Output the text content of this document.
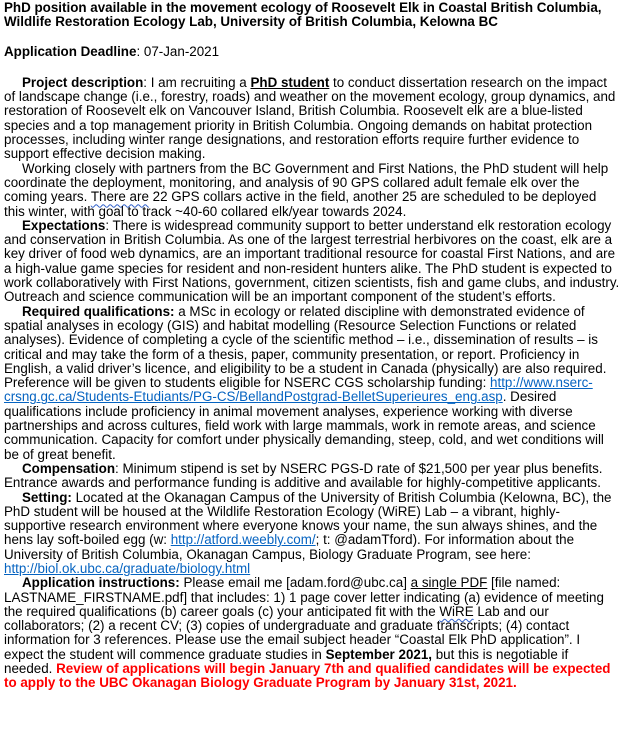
PhD position available in the movement ecology of Roosevelt Elk in Coastal British Columbia,
Wildlife Restoration Ecology Lab, University of British Columbia, Kelowna BC
Application Deadline: 07-Jan-2021

Project description: I am recruiting a PhD student to conduct dissertation research on the impact of landscape change (i.e., forestry, roads) and weather on the movement ecology, group dynamics, and restoration of Roosevelt elk on Vancouver Island, British Columbia. Roosevelt elk are a blue-listed species and a top management priority in British Columbia. Ongoing demands on habitat protection processes, including winter range designations, and restoration efforts require further evidence to support effective decision making.

Working closely with partners from the BC Government and First Nations, the PhD student will help coordinate the deployment, monitoring, and analysis of 90 GPS collared adult female elk over the coming years. There are 22 GPS collars active in the field, another 25 are scheduled to be deployed this winter, with goal to track ~40-60 collared elk/year towards 2024.

Expectations: There is widespread community support to better understand elk restoration ecology and conservation in British Columbia. As one of the largest terrestrial herbivores on the coast, elk are a key driver of food web dynamics, are an important traditional resource for coastal First Nations, and are a high-value game species for resident and non-resident hunters alike. The PhD student is expected to work collaboratively with First Nations, government, citizen scientists, fish and game clubs, and industry. Outreach and science communication will be an important component of the student’s efforts.

Required qualifications: a MSc in ecology or related discipline with demonstrated evidence of spatial analyses in ecology (GIS) and habitat modelling (Resource Selection Functions or related analyses). Evidence of completing a cycle of the scientific method – i.e., dissemination of results – is critical and may take the form of a thesis, paper, community presentation, or report. Proficiency in English, a valid driver’s licence, and eligibility to be a student in Canada (physically) are also required. Preference will be given to students eligible for NSERC CGS scholarship funding: http://www.nserc-crsng.gc.ca/Students-Etudiants/PG-CS/BellandPostgrad-BelletSuperieures_eng.asp. Desired qualifications include proficiency in animal movement analyses, experience working with diverse partnerships and across cultures, field work with large mammals, work in remote areas, and science communication. Capacity for comfort under physically demanding, steep, cold, and wet conditions will be of great benefit.

Compensation: Minimum stipend is set by NSERC PGS-D rate of $21,500 per year plus benefits. Entrance awards and performance funding is additive and available for highly-competitive applicants.

Setting: Located at the Okanagan Campus of the University of British Columbia (Kelowna, BC), the PhD student will be housed at the Wildlife Restoration Ecology (WiRE) Lab – a vibrant, highly-supportive research environment where everyone knows your name, the sun always shines, and the hens lay soft-boiled egg (w: http://atford.weebly.com/; t: @adamTford). For information about the University of British Columbia, Okanagan Campus, Biology Graduate Program, see here: http://biol.ok.ubc.ca/graduate/biology.html

Application instructions: Please email me [adam.ford@ubc.ca] a single PDF [file named: LASTNAME_FIRSTNAME.pdf] that includes: 1) 1 page cover letter indicating (a) evidence of meeting the required qualifications (b) career goals (c) your anticipated fit with the WiRE Lab and our collaborators; (2) a recent CV; (3) copies of undergraduate and graduate transcripts; (4) contact information for 3 references. Please use the email subject header “Coastal Elk PhD application”. I expect the student will commence graduate studies in September 2021, but this is negotiable if needed. Review of applications will begin January 7th and qualified candidates will be expected to apply to the UBC Okanagan Biology Graduate Program by January 31st, 2021.
